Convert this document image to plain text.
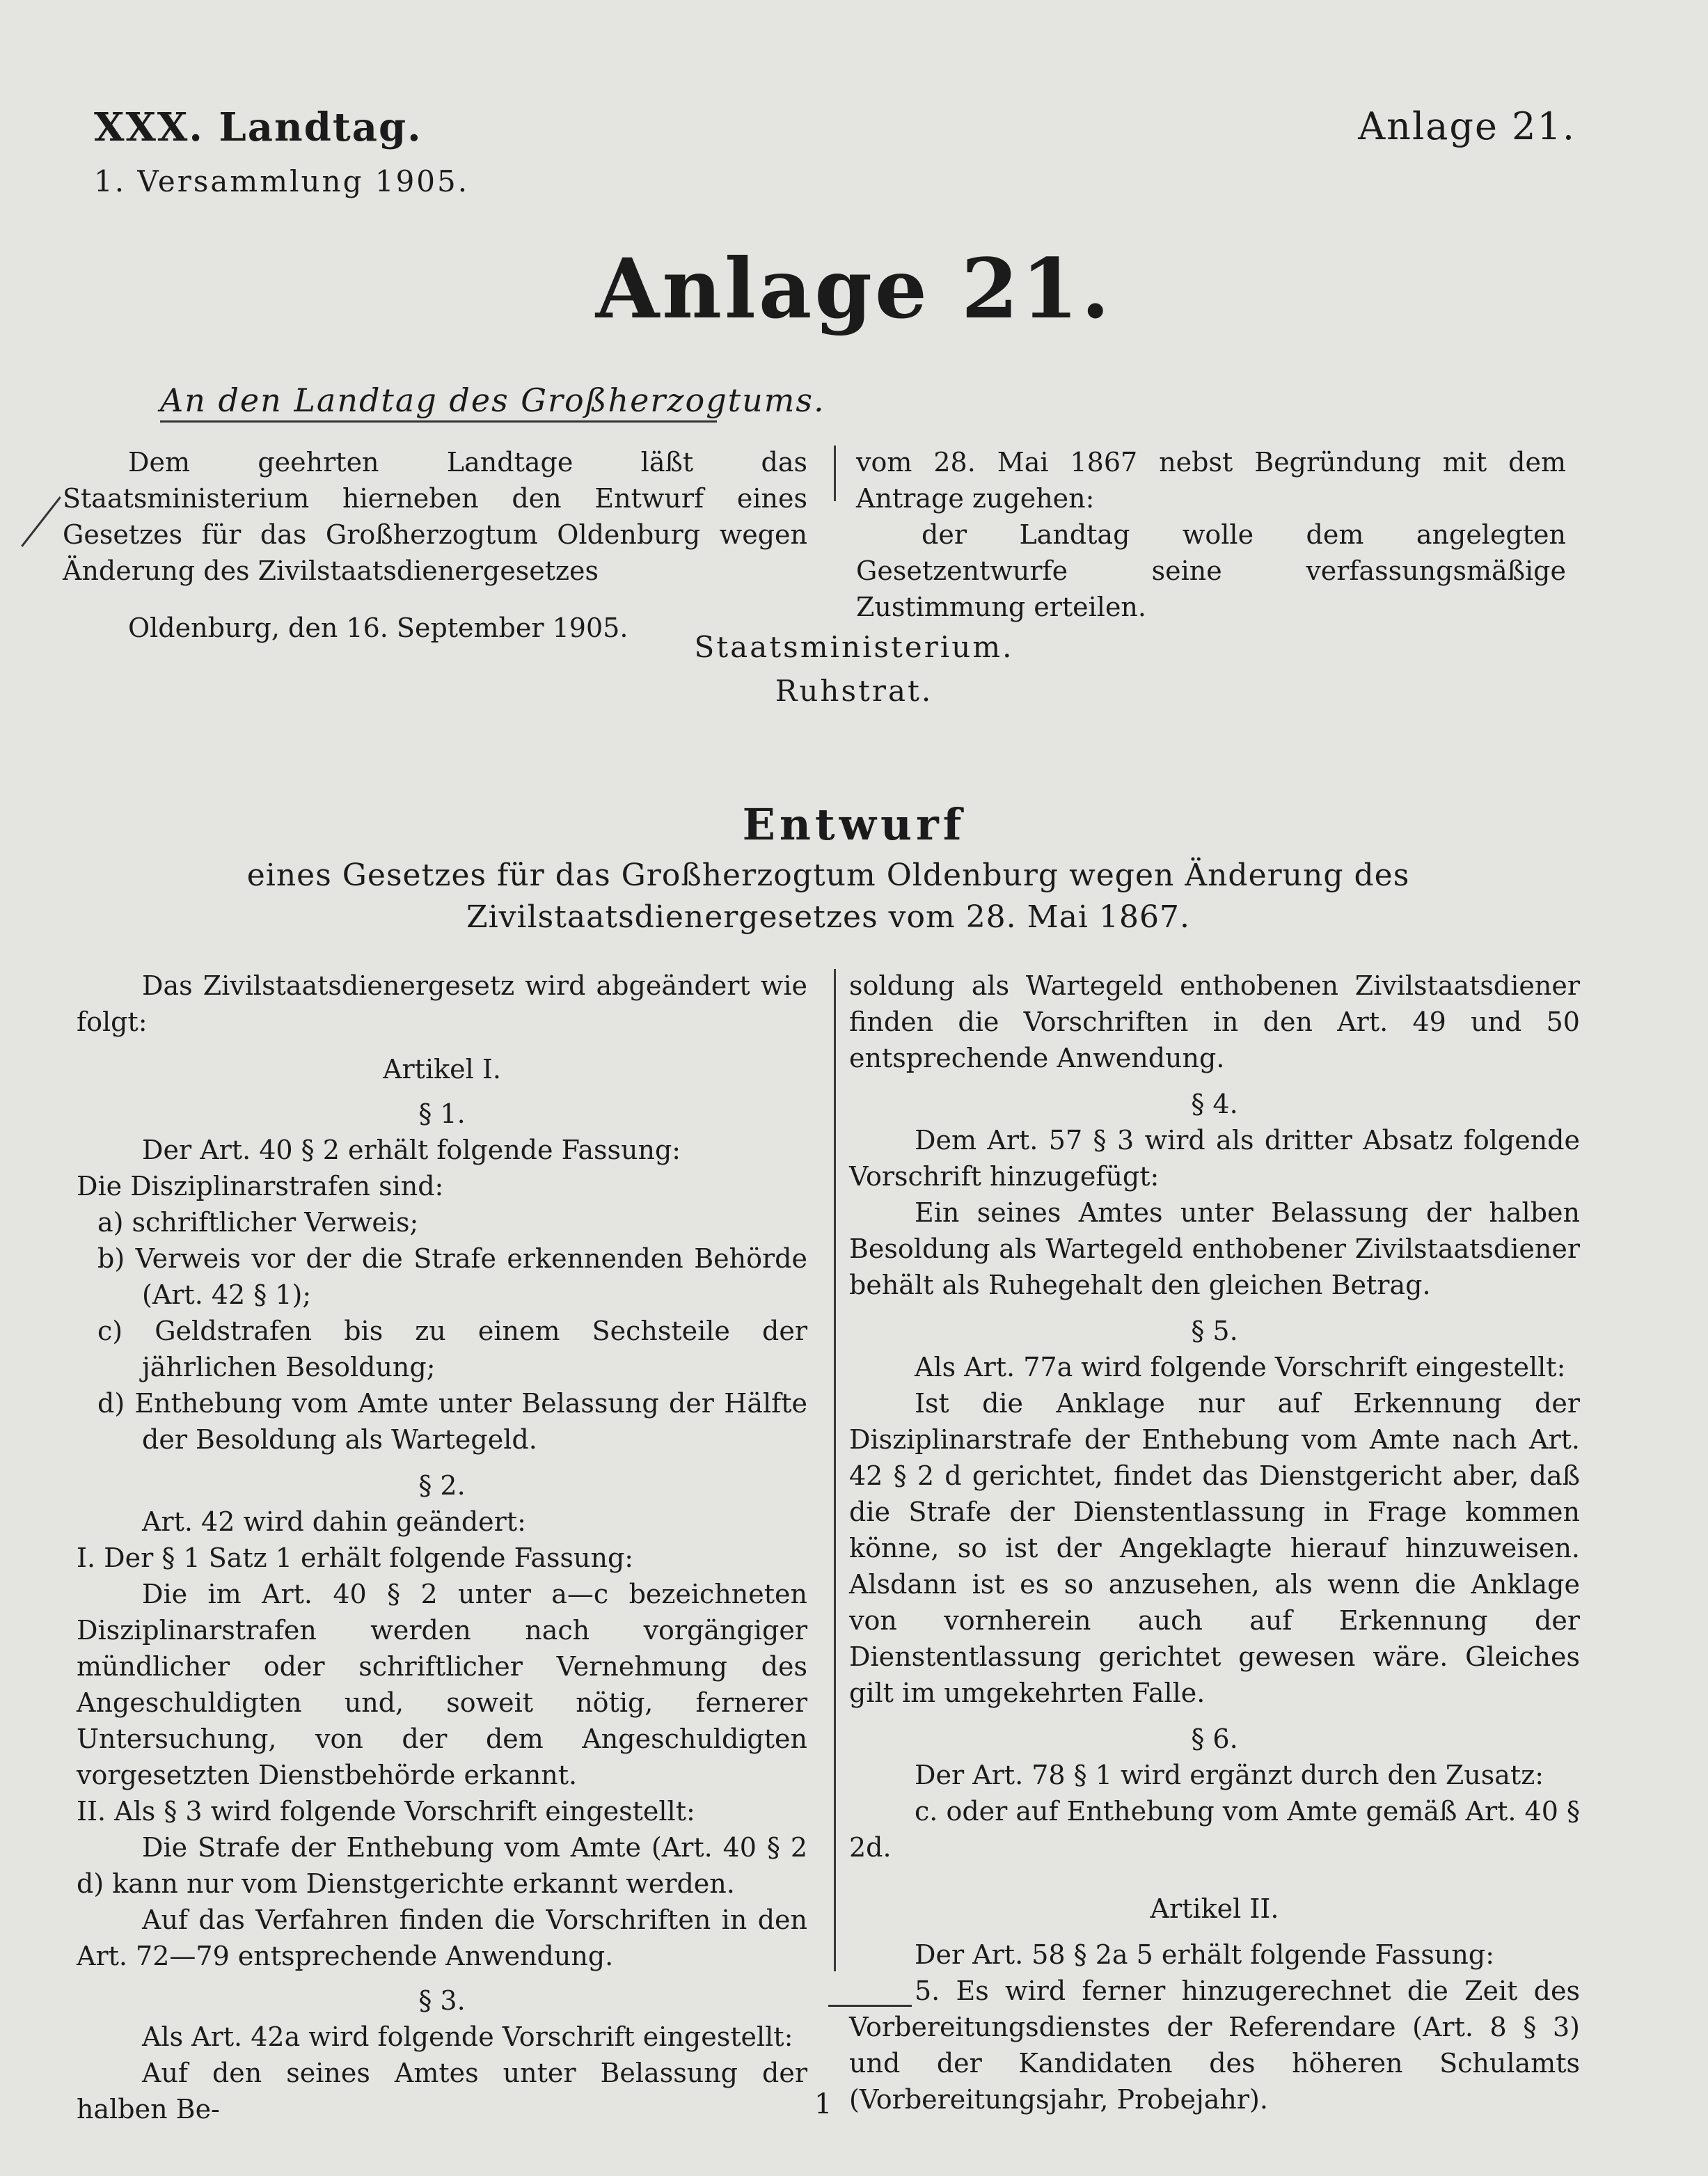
XXX. Landtag.
1. Versammlung 1905.
Anlage 21.
Anlage 21.
An den Landtag des Großherzogtums.

Dem geehrten Landtage läßt das Staatsministerium hierneben den Entwurf eines Gesetzes für das Großherzogtum Oldenburg wegen Änderung des Zivilstaatsdienergesetzes

Oldenburg, den 16. September 1905.

vom 28. Mai 1867 nebst Begründung mit dem Antrage zugehen:

der Landtag wolle dem angelegten Gesetzentwurfe seine verfassungsmäßige Zustimmung erteilen.

Staatsministerium.
Ruhstrat.
Entwurf
eines Gesetzes für das Großherzogtum Oldenburg wegen Änderung des Zivilstaatsdienergesetzes vom 28. Mai 1867.

Das Zivilstaatsdienergesetz wird abgeändert wie folgt:

Artikel I.

§ 1.

Der Art. 40 § 2 erhält folgende Fassung:

Die Disziplinarstrafen sind:

a) schriftlicher Verweis;

b) Verweis vor der die Strafe erkennenden Behörde (Art. 42 § 1);

c) Geldstrafen bis zu einem Sechsteile der jährlichen Besoldung;

d) Enthebung vom Amte unter Belassung der Hälfte der Besoldung als Wartegeld.

§ 2.

Art. 42 wird dahin geändert:

I. Der § 1 Satz 1 erhält folgende Fassung:

Die im Art. 40 § 2 unter a—c bezeichneten Disziplinarstrafen werden nach vorgängiger mündlicher oder schriftlicher Vernehmung des Angeschuldigten und, soweit nötig, fernerer Untersuchung, von der dem Angeschuldigten vorgesetzten Dienstbehörde erkannt.

II. Als § 3 wird folgende Vorschrift eingestellt:

Die Strafe der Enthebung vom Amte (Art. 40 § 2 d) kann nur vom Dienstgerichte erkannt werden.

Auf das Verfahren finden die Vorschriften in den Art. 72—79 entsprechende Anwendung.

§ 3.

Als Art. 42a wird folgende Vorschrift eingestellt:

Auf den seines Amtes unter Belassung der halben Be-

soldung als Wartegeld enthobenen Zivilstaatsdiener finden die Vorschriften in den Art. 49 und 50 entsprechende Anwendung.

§ 4.

Dem Art. 57 § 3 wird als dritter Absatz folgende Vorschrift hinzugefügt:

Ein seines Amtes unter Belassung der halben Besoldung als Wartegeld enthobener Zivilstaatsdiener behält als Ruhegehalt den gleichen Betrag.

§ 5.

Als Art. 77a wird folgende Vorschrift eingestellt:

Ist die Anklage nur auf Erkennung der Disziplinarstrafe der Enthebung vom Amte nach Art. 42 § 2 d gerichtet, findet das Dienstgericht aber, daß die Strafe der Dienstentlassung in Frage kommen könne, so ist der Angeklagte hierauf hinzuweisen. Alsdann ist es so anzusehen, als wenn die Anklage von vornherein auch auf Erkennung der Dienstentlassung gerichtet gewesen wäre. Gleiches gilt im umgekehrten Falle.

§ 6.

Der Art. 78 § 1 wird ergänzt durch den Zusatz:

c. oder auf Enthebung vom Amte gemäß Art. 40 § 2d.

Artikel II.

Der Art. 58 § 2a 5 erhält folgende Fassung:

5. Es wird ferner hinzugerechnet die Zeit des Vorbereitungsdienstes der Referendare (Art. 8 § 3) und der Kandidaten des höheren Schulamts (Vorbereitungsjahr, Probejahr).

1
